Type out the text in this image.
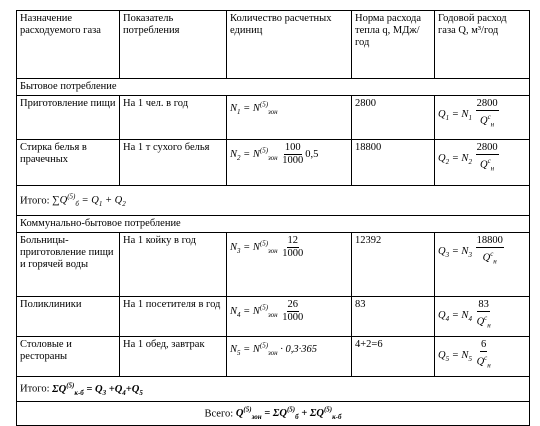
Назначение расходуемого газа	Показатель потребления	Количество расчетных единиц	Норма расхода тепла q, МДж/год	Годовой расход газа Q, м³/год
Бытовое потребление				
Приготовление пищи	На 1 чел. в год	$N_1 = N^{(5)}_{зон}$	2800	$Q_1 = N_1 \frac{2800}{Q^c_н}$

Стирка белья в прачечных	На 1 т сухого белья	$N_2 = N^{(5)}_{зон} \frac{100}{1000} 0,5$	18800	$Q_2 = N_2 \frac{2800}{Q^c_н}$

Итого: $\sum Q^{(5)}_б = Q_1 + Q_2$
Коммунально-бытовое потребление				
Больницы- приготовление пищи и горячей воды	На 1 койку в год	$N_3 = N^{(5)}_{зон} \frac{12}{1000}$	12392	$Q_3 = N_3 \frac{18800}{Q^c_н}$

Поликлиники	На 1 посетителя в год	$N_4 = N^{(5)}_{зон} \frac{26}{1000}$	83	$Q_4 = N_4 \frac{83}{Q^c_н}$

Столовые и рестораны	На 1 обед, завтрак	$N_5 = N^{(5)}_{зон} \cdot 0,3\cdot 365$	4+2=6	$Q_5 = N_5 \frac{6}{Q^c_н}$

Итого: $\Sigma Q^{(5)}_{к-б} = Q_3 +Q_4+Q_5$
Всего: $Q^{(5)}_{зон} = \Sigma Q^{(5)}_б + \Sigma Q^{(5)}_{к-б}$
